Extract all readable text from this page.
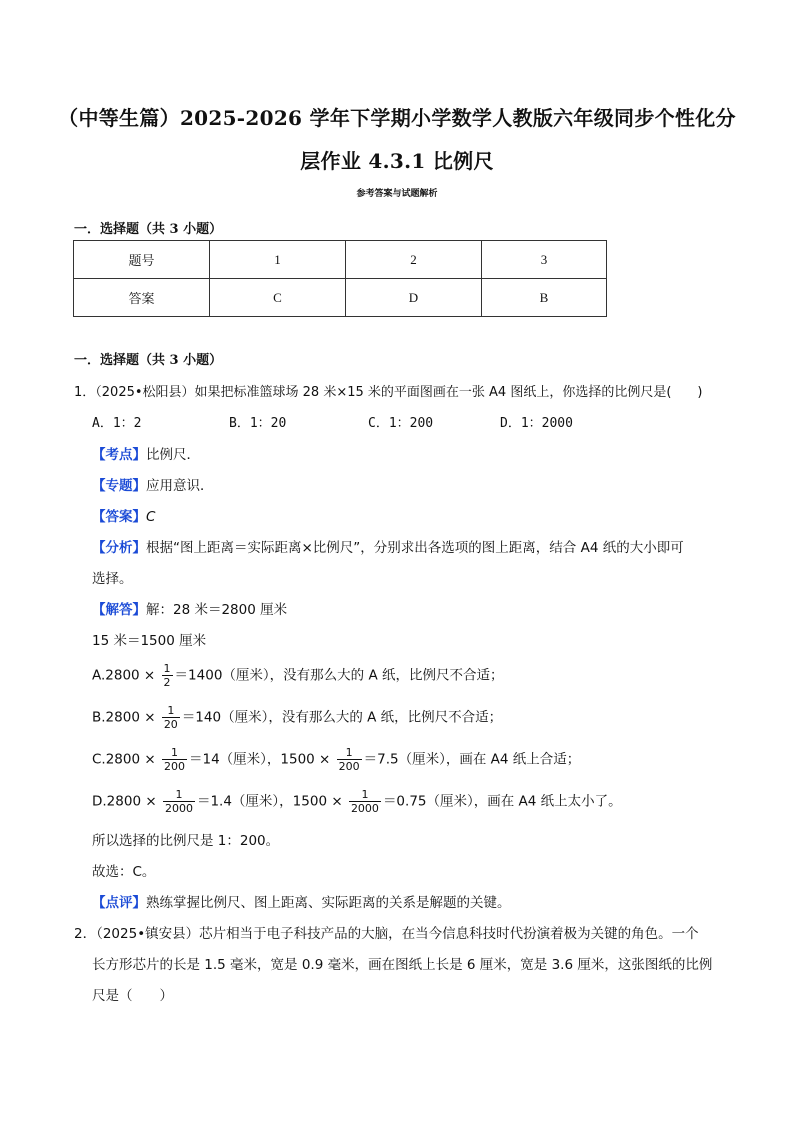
（中等生篇）2025-2026 学年下学期小学数学人教版六年级同步个性化分
层作业 4.3.1 比例尺
参考答案与试题解析
一．选择题（共 3 小题）
题号	1	2	3
答案	C	D	B
一．选择题（共 3 小题）
1．（2025•松阳县）如果把标准篮球场 28 米×15 米的平面图画在一张 A4 图纸上，你选择的比例尺是(　　)
A．1：2	B．1：20	C．1：200	D．1：2000
【考点】比例尺．
【专题】应用意识．
【答案】C
【分析】根据“图上距离＝实际距离×比例尺”，分别求出各选项的图上距离，结合 A4 纸的大小即可
选择。
【解答】解：28 米＝2800 厘米
15 米＝1500 厘米
$A.2800 \times \frac{1}{2} =1400$（厘米），没有那么大的 A 纸，比例尺不合适；
$B.2800 \times \frac{1}{20} =140$（厘米），没有那么大的 A 纸，比例尺不合适；
$C.2800 \times \frac{1}{200} =14$（厘米），$1500 \times \frac{1}{200} =7.5$（厘米），画在 A4 纸上合适；
$D.2800 \times \frac{1}{2000} =1.4$（厘米），$1500 \times \frac{1}{2000} =0.75$（厘米），画在 A4 纸上太小了。
所以选择的比例尺是 1：200。
故选：C。
【点评】熟练掌握比例尺、图上距离、实际距离的关系是解题的关键。
2．（2025•镇安县）芯片相当于电子科技产品的大脑，在当今信息科技时代扮演着极为关键的角色。一个
长方形芯片的长是 1.5 毫米，宽是 0.9 毫米，画在图纸上长是 6 厘米，宽是 3.6 厘米，这张图纸的比例
尺是（　　）
